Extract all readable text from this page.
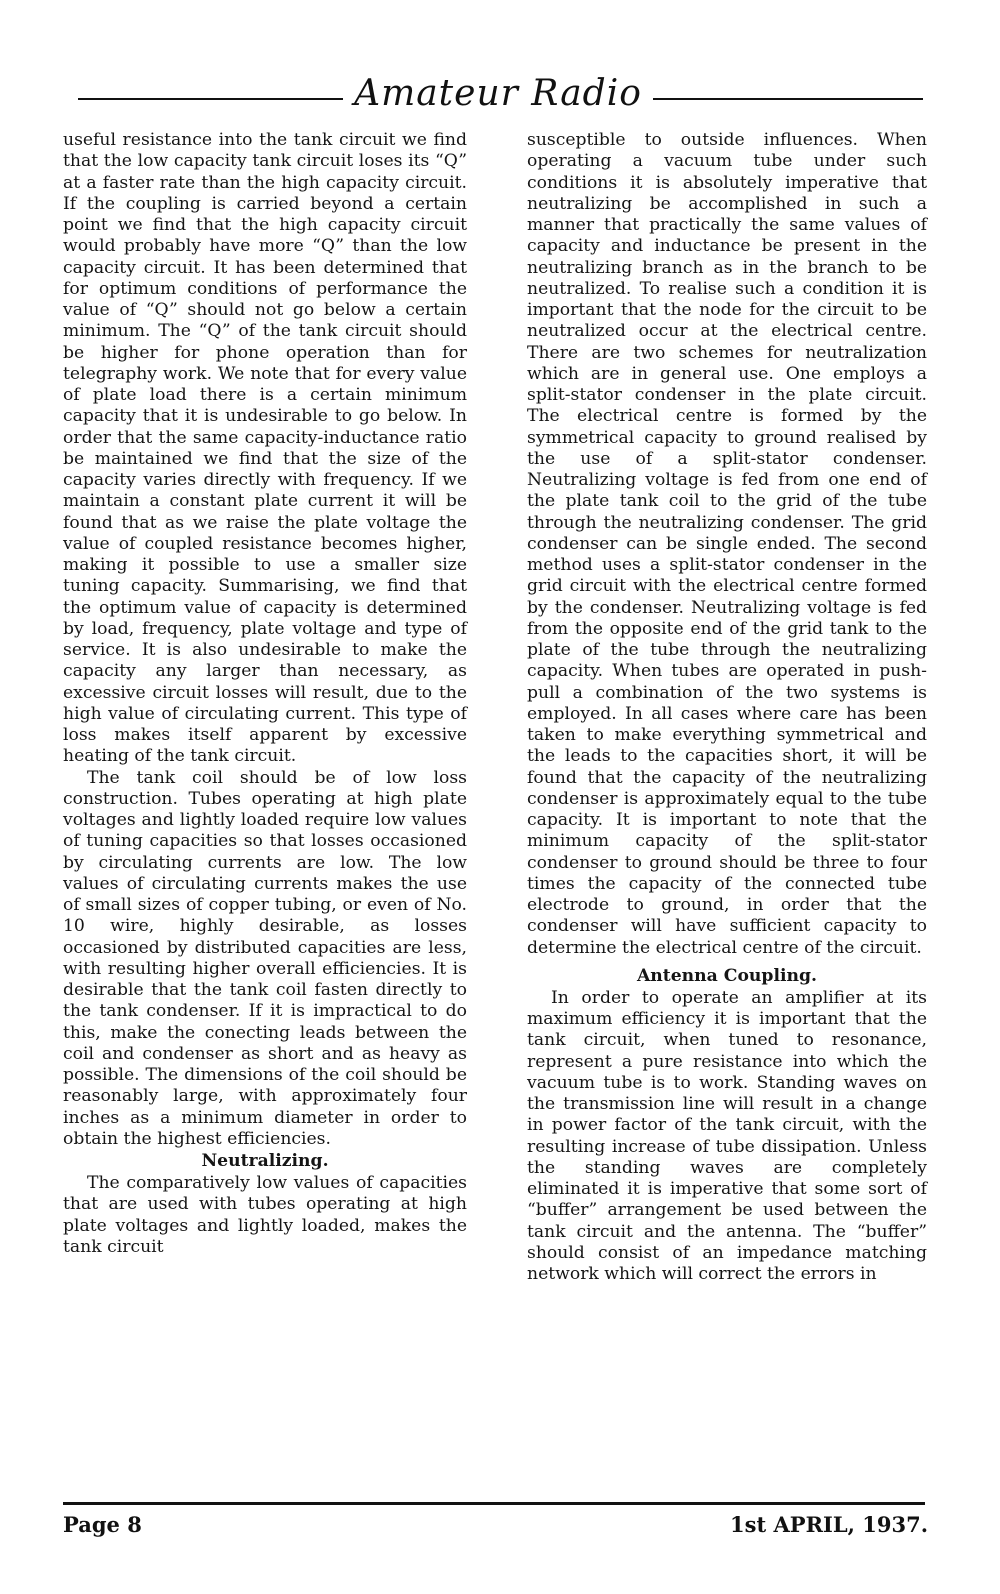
Amateur Radio

useful resistance into the tank circuit we find that the low capacity tank circuit loses its “Q” at a faster rate than the high capacity circuit. If the coupling is carried beyond a certain point we find that the high capacity circuit would probably have more “Q” than the low capacity circuit. It has been determined that for optimum conditions of performance the value of “Q” should not go below a certain minimum. The “Q” of the tank circuit should be higher for phone operation than for telegraphy work. We note that for every value of plate load there is a certain minimum capacity that it is undesirable to go below. In order that the same capacity-inductance ratio be maintained we find that the size of the capacity varies directly with frequency. If we maintain a constant plate current it will be found that as we raise the plate voltage the value of coupled resistance becomes higher, making it possible to use a smaller size tuning capacity. Summarising, we find that the optimum value of capacity is determined by load, frequency, plate voltage and type of service. It is also undesirable to make the capacity any larger than necessary, as excessive circuit losses will result, due to the high value of circulating current. This type of loss makes itself apparent by excessive heating of the tank circuit.

The tank coil should be of low loss construction. Tubes operating at high plate voltages and lightly loaded require low values of tuning capacities so that losses occasioned by circulating currents are low. The low values of circulating currents makes the use of small sizes of copper tubing, or even of No. 10 wire, highly desirable, as losses occasioned by distributed capacities are less, with resulting higher overall efficiencies. It is desirable that the tank coil fasten directly to the tank condenser. If it is impractical to do this, make the conecting leads between the coil and condenser as short and as heavy as possible. The dimensions of the coil should be reasonably large, with approximately four inches as a minimum diameter in order to obtain the highest efficiencies.

Neutralizing.

The comparatively low values of capacities that are used with tubes operating at high plate voltages and lightly loaded, makes the tank circuit

susceptible to outside influences. When operating a vacuum tube under such conditions it is absolutely imperative that neutralizing be accomplished in such a manner that practically the same values of capacity and inductance be present in the neutralizing branch as in the branch to be neutralized. To realise such a condition it is important that the node for the circuit to be neutralized occur at the electrical centre. There are two schemes for neutralization which are in general use. One employs a split-stator condenser in the plate circuit. The electrical centre is formed by the symmetrical capacity to ground realised by the use of a split-stator condenser. Neutralizing voltage is fed from one end of the plate tank coil to the grid of the tube through the neutralizing condenser. The grid condenser can be single ended. The second method uses a split-stator condenser in the grid circuit with the electrical centre formed by the condenser. Neutralizing voltage is fed from the opposite end of the grid tank to the plate of the tube through the neutralizing capacity. When tubes are operated in push-pull a combination of the two systems is employed. In all cases where care has been taken to make everything symmetrical and the leads to the capacities short, it will be found that the capacity of the neutralizing condenser is approximately equal to the tube capacity. It is important to note that the minimum capacity of the split-stator condenser to ground should be three to four times the capacity of the connected tube electrode to ground, in order that the condenser will have sufficient capacity to determine the electrical centre of the circuit.

Antenna Coupling.

In order to operate an amplifier at its maximum efficiency it is important that the tank circuit, when tuned to resonance, represent a pure resistance into which the vacuum tube is to work. Standing waves on the transmission line will result in a change in power factor of the tank circuit, with the resulting increase of tube dissipation. Unless the standing waves are completely eliminated it is imperative that some sort of “buffer” arrangement be used between the tank circuit and the antenna. The “buffer” should consist of an impedance matching network which will correct the errors in

Page 8	1st APRIL, 1937.
